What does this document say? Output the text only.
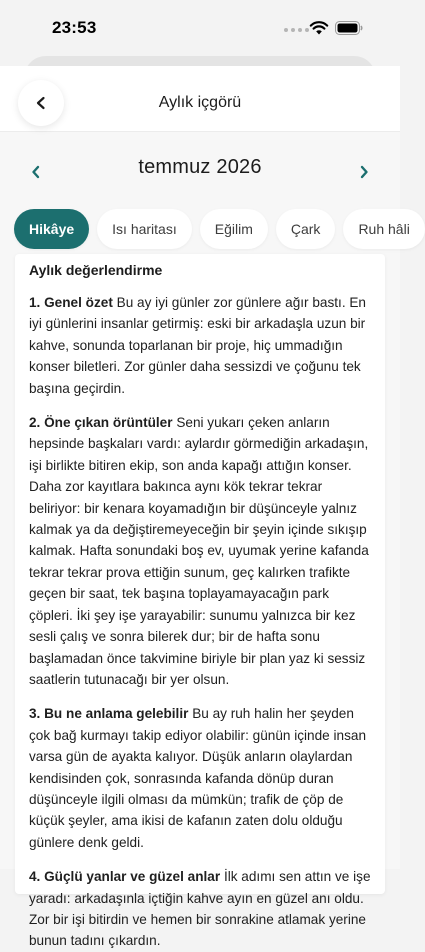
23:53
Aylık içgörü
temmuz 2026
Hikâye	Isı haritası	Eğilim	Çark	Ruh hâli
Aylık değerlendirme

1. Genel özet Bu ay iyi günler zor günlere ağır bastı. En iyi günlerini insanlar getirmiş: eski bir arkadaşla uzun bir kahve, sonunda toparlanan bir proje, hiç ummadığın konser biletleri. Zor günler daha sessizdi ve çoğunu tek başına geçirdin.

2. Öne çıkan örüntüler Seni yukarı çeken anların hepsinde başkaları vardı: aylardır görmediğin arkadaşın, işi birlikte bitiren ekip, son anda kapağı attığın konser. Daha zor kayıtlara bakınca aynı kök tekrar tekrar beliriyor: bir kenara koyamadığın bir düşünceyle yalnız kalmak ya da değiştiremeyeceğin bir şeyin içinde sıkışıp kalmak. Hafta sonundaki boş ev, uyumak yerine kafanda tekrar tekrar prova ettiğin sunum, geç kalırken trafikte geçen bir saat, tek başına toplayamayacağın park çöpleri. İki şey işe yarayabilir: sunumu yalnızca bir kez sesli çalış ve sonra bilerek dur; bir de hafta sonu başlamadan önce takvimine biriyle bir plan yaz ki sessiz saatlerin tutunacağı bir yer olsun.

3. Bu ne anlama gelebilir Bu ay ruh halin her şeyden çok bağ kurmayı takip ediyor olabilir: günün içinde insan varsa gün de ayakta kalıyor. Düşük anların olaylardan kendisinden çok, sonrasında kafanda dönüp duran düşünceyle ilgili olması da mümkün; trafik de çöp de küçük şeyler, ama ikisi de kafanın zaten dolu olduğu günlere denk geldi.

4. Güçlü yanlar ve güzel anlar İlk adımı sen attın ve işe yaradı: arkadaşınla içtiğin kahve ayın en güzel anı oldu. Zor bir işi bitirdin ve hemen bir sonrakine atlamak yerine bunun tadını çıkardın.
